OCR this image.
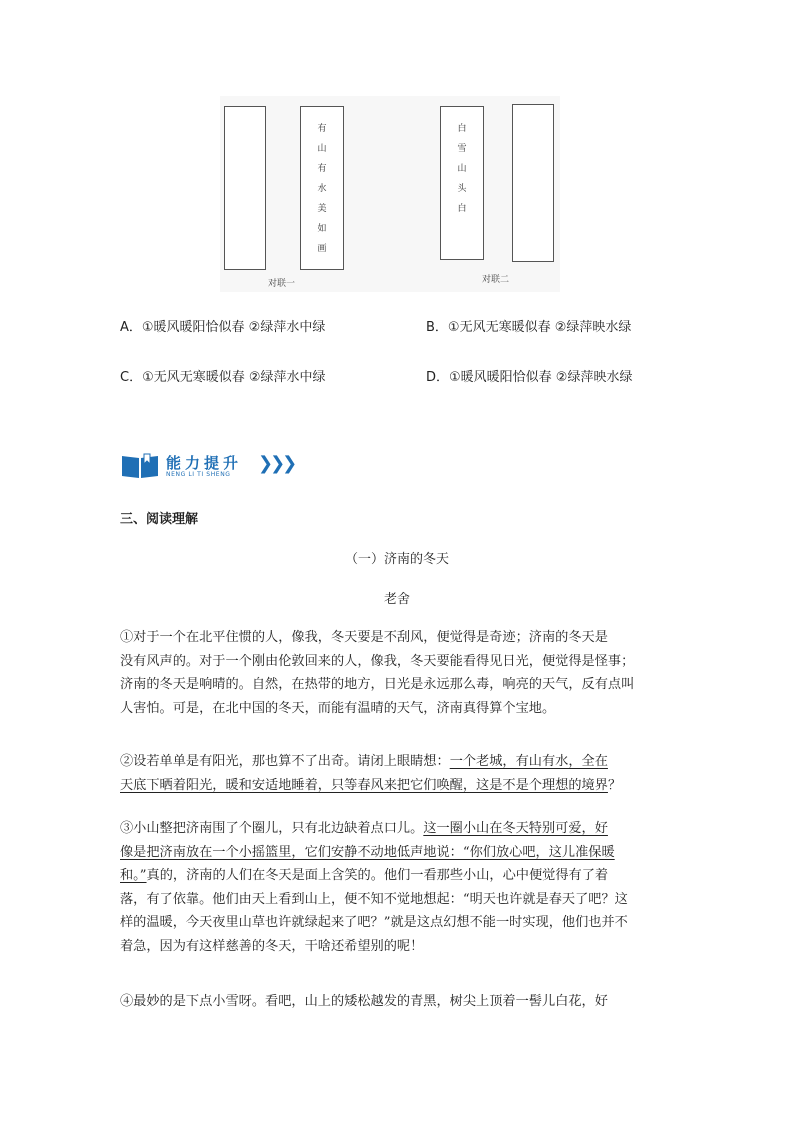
有
山
有
水
美
如
画
白
雪
山
头
白
对联一	对联二
A．①暖风暖阳恰似春 ②绿萍水中绿	B．①无风无寒暖似春 ②绿萍映水绿
C．①无风无寒暖似春 ②绿萍水中绿	D．①暖风暖阳恰似春 ②绿萍映水绿
能力提升
NENG LI TI SHENG
❯❯❯
三、阅读理解
（一）济南的冬天
老舍
①对于一个在北平住惯的人，像我，冬天要是不刮风，便觉得是奇迹；济南的冬天是
没有风声的。对于一个刚由伦敦回来的人，像我，冬天要能看得见日光，便觉得是怪事；
济南的冬天是响晴的。自然，在热带的地方，日光是永远那么毒，响亮的天气，反有点叫
人害怕。可是，在北中国的冬天，而能有温晴的天气，济南真得算个宝地。
②设若单单是有阳光，那也算不了出奇。请闭上眼睛想：一个老城，有山有水，全在
天底下晒着阳光，暖和安适地睡着，只等春风来把它们唤醒，这是不是个理想的境界？
③小山整把济南围了个圈儿，只有北边缺着点口儿。这一圈小山在冬天特别可爱，好
像是把济南放在一个小摇篮里，它们安静不动地低声地说：“你们放心吧，这儿准保暖
和。”真的，济南的人们在冬天是面上含笑的。他们一看那些小山，心中便觉得有了着
落，有了依靠。他们由天上看到山上，便不知不觉地想起：“明天也许就是春天了吧？这
样的温暖，今天夜里山草也许就绿起来了吧？”就是这点幻想不能一时实现，他们也并不
着急，因为有这样慈善的冬天，干啥还希望别的呢！
④最妙的是下点小雪呀。看吧，山上的矮松越发的青黑，树尖上顶着一髻儿白花，好
